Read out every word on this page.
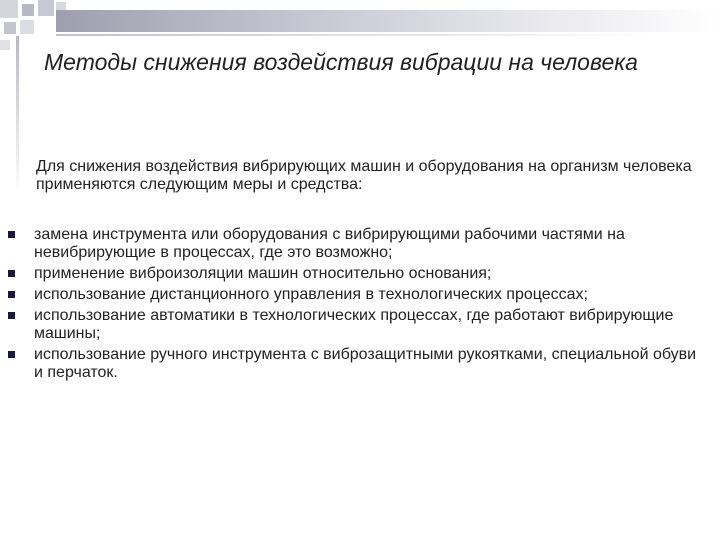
Методы снижения воздействия вибрации на человека

Для снижения воздействия вибрирующих машин и оборудования на организм человека применяются следующим меры и средства:

замена инструмента или оборудования с вибрирующими рабочими частями на невибрирующие в процессах, где это возможно;
применение виброизоляции машин относительно основания;
использование дистанционного управления в технологических процессах;
использование автоматики в технологических процессах, где работают вибрирующие машины;
использование ручного инструмента с виброзащитными рукоятками, специальной обуви и перчаток.
